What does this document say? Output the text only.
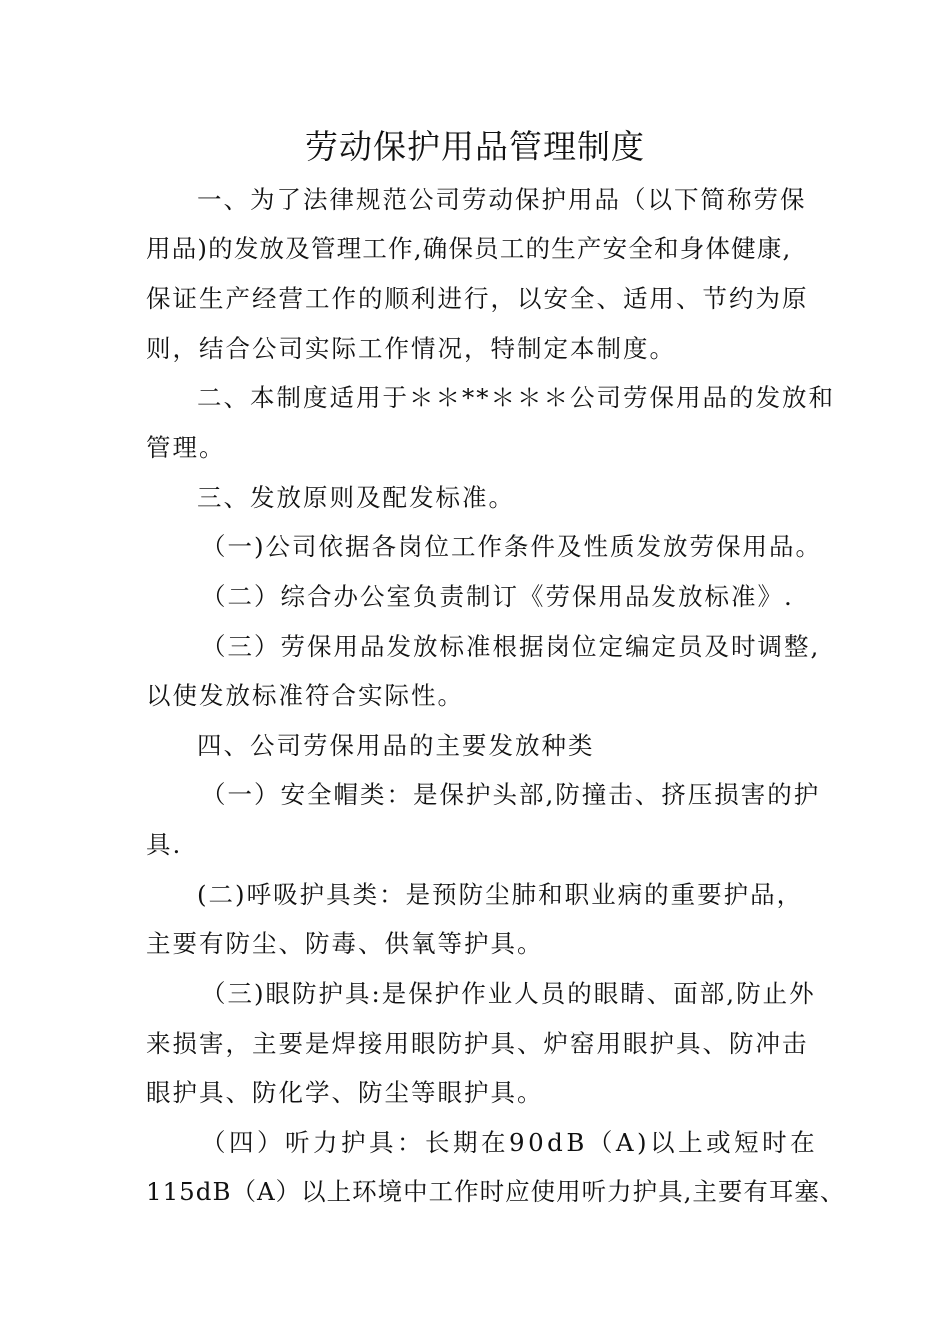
劳动保护用品管理制度
一、为了法律规范公司劳动保护用品（以下简称劳保
用品)的发放及管理工作,确保员工的生产安全和身体健康,
保证生产经营工作的顺利进行，以安全、适用、节约为原
则，结合公司实际工作情况，特制定本制度。
二、本制度适用于＊＊**＊＊＊公司劳保用品的发放和
管理。
三、发放原则及配发标准。
（一)公司依据各岗位工作条件及性质发放劳保用品。
（二）综合办公室负责制订《劳保用品发放标准》.
（三）劳保用品发放标准根据岗位定编定员及时调整,
以使发放标准符合实际性。
四、公司劳保用品的主要发放种类
（一）安全帽类：是保护头部,防撞击、挤压损害的护
具.
(二)呼吸护具类：是预防尘肺和职业病的重要护品，
主要有防尘、防毒、供氧等护具。
（三)眼防护具:是保护作业人员的眼睛、面部,防止外
来损害，主要是焊接用眼防护具、炉窑用眼护具、防冲击
眼护具、防化学、防尘等眼护具。
（四）听力护具：长期在90dB（A)以上或短时在
115dB（A）以上环境中工作时应使用听力护具,主要有耳塞、
